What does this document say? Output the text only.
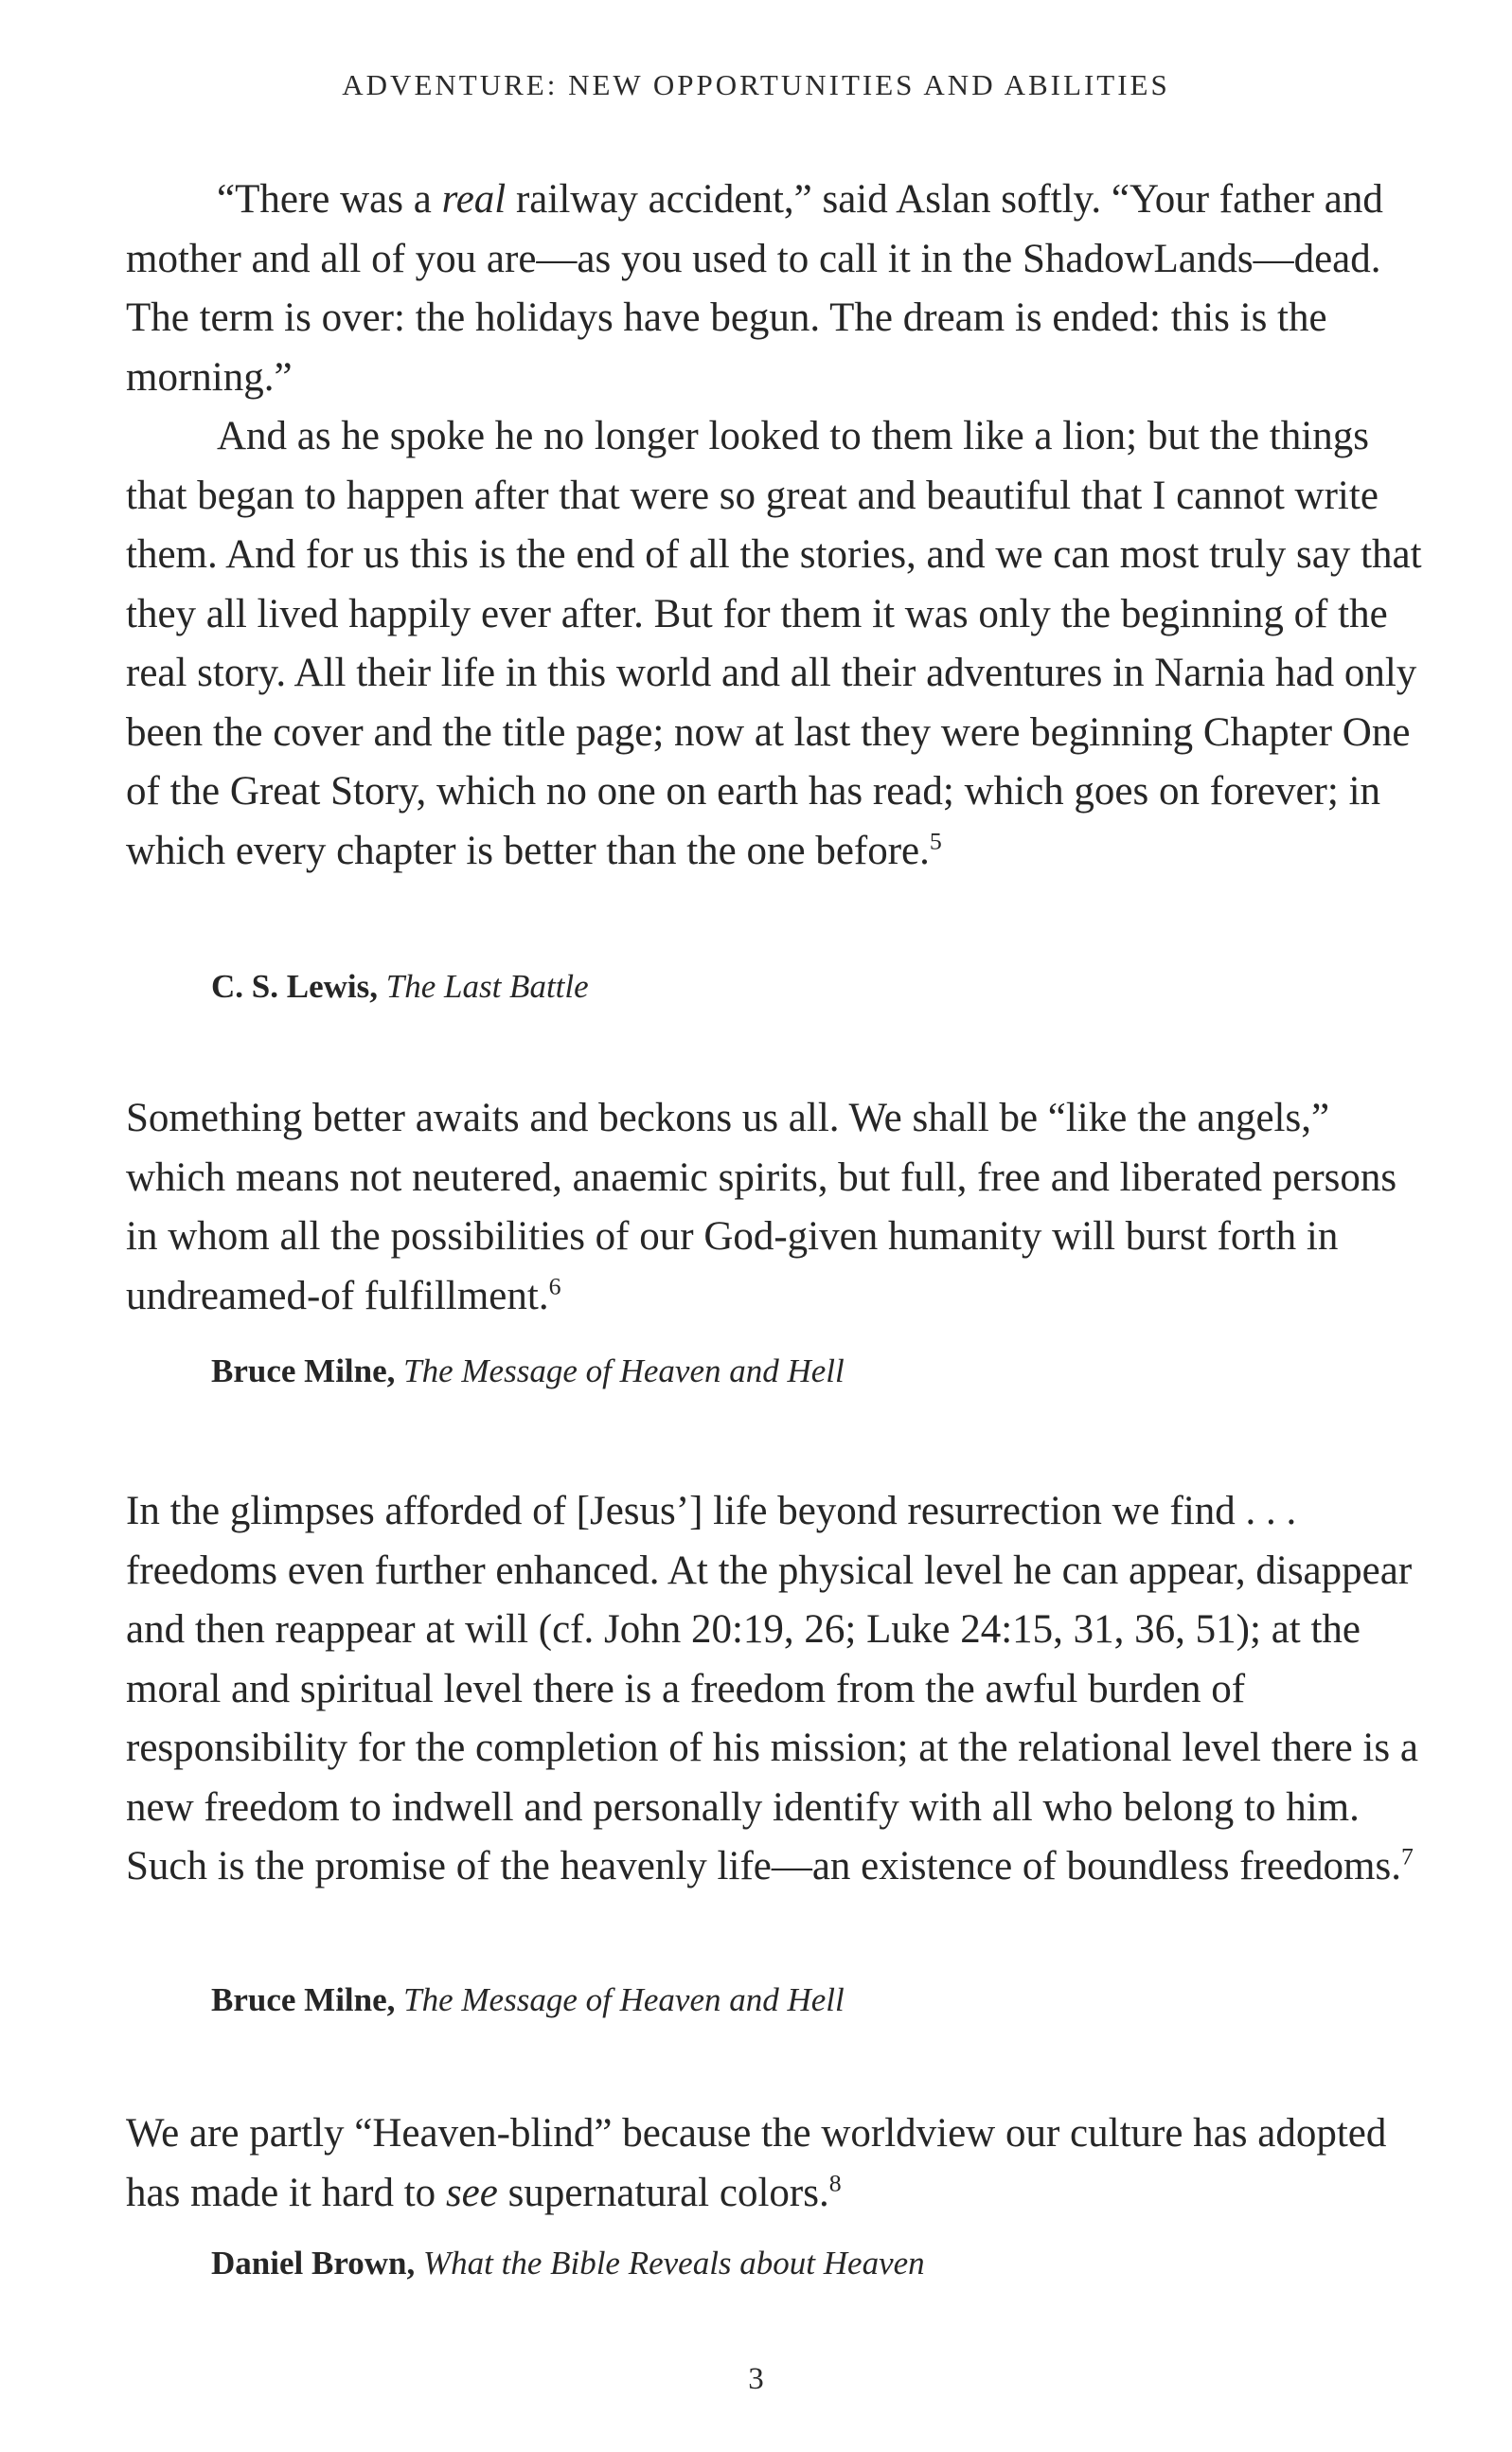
ADVENTURE: NEW OPPORTUNITIES AND ABILITIES

“There was a real railway accident,” said Aslan softly. “Your father and mother and all of you are—as you used to call it in the ShadowLands—dead. The term is over: the holidays have begun. The dream is ended: this is the morning.”

And as he spoke he no longer looked to them like a lion; but the things that began to happen after that were so great and beautiful that I cannot write them. And for us this is the end of all the stories, and we can most truly say that they all lived happily ever after. But for them it was only the beginning of the real story. All their life in this world and all their adventures in Narnia had only been the cover and the title page; now at last they were beginning Chapter One of the Great Story, which no one on earth has read; which goes on forever; in which every chapter is better than the one before.$^5$

C. S. Lewis, The Last Battle

Something better awaits and beckons us all. We shall be “like the angels,” which means not neutered, anaemic spirits, but full, free and liberated persons in whom all the possibilities of our God-given humanity will burst forth in undreamed-of fulfillment.$^6$

Bruce Milne, The Message of Heaven and Hell

In the glimpses afforded of [Jesus’] life beyond resurrection we find . . . freedoms even further enhanced. At the physical level he can appear, disappear and then reappear at will (cf. John 20:19, 26; Luke 24:15, 31, 36, 51); at the moral and spiritual level there is a freedom from the awful burden of responsibility for the completion of his mission; at the relational level there is a new freedom to indwell and personally identify with all who belong to him. Such is the promise of the heavenly life—an existence of boundless freedoms.$^7$

Bruce Milne, The Message of Heaven and Hell

We are partly “Heaven-blind” because the worldview our culture has adopted has made it hard to see supernatural colors.$^8$

Daniel Brown, What the Bible Reveals about Heaven
3
